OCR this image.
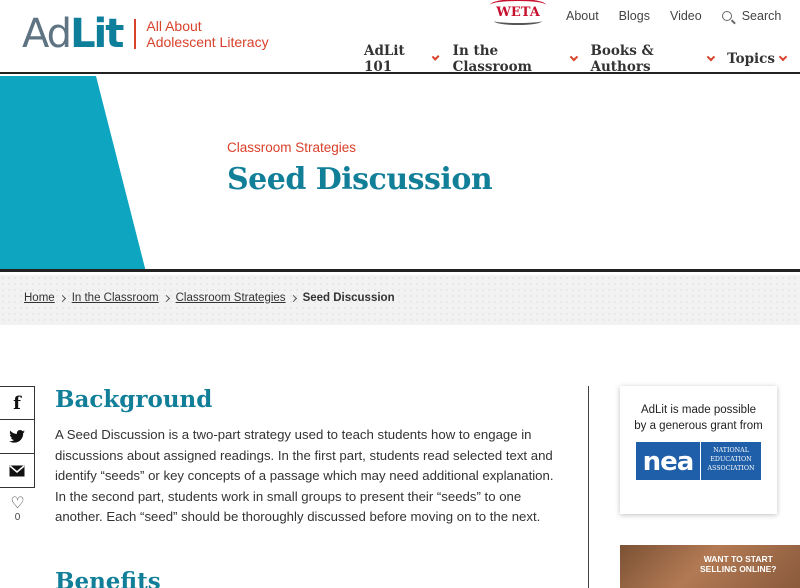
AdLit All About
Adolescent Literacy
WETA	About Blogs Video	Search
AdLit 101
In the Classroom
Books & Authors	Topics
Classroom Strategies
Seed Discussion
Home In the Classroom Classroom Strategies Seed Discussion
f
♡
0
Background

A Seed Discussion is a two-part strategy used to teach students how to engage in discussions about assigned readings. In the first part, students read selected text and identify “seeds” or key concepts of a passage which may need additional explanation. In the second part, students work in small groups to present their “seeds” to one another. Each “seed” should be thoroughly discussed before moving on to the next.

Benefits
AdLit is made possible by a generous grant from
nea	NATIONAL
EDUCATION
ASSOCIATION
WANT TO START
SELLING ONLINE?
